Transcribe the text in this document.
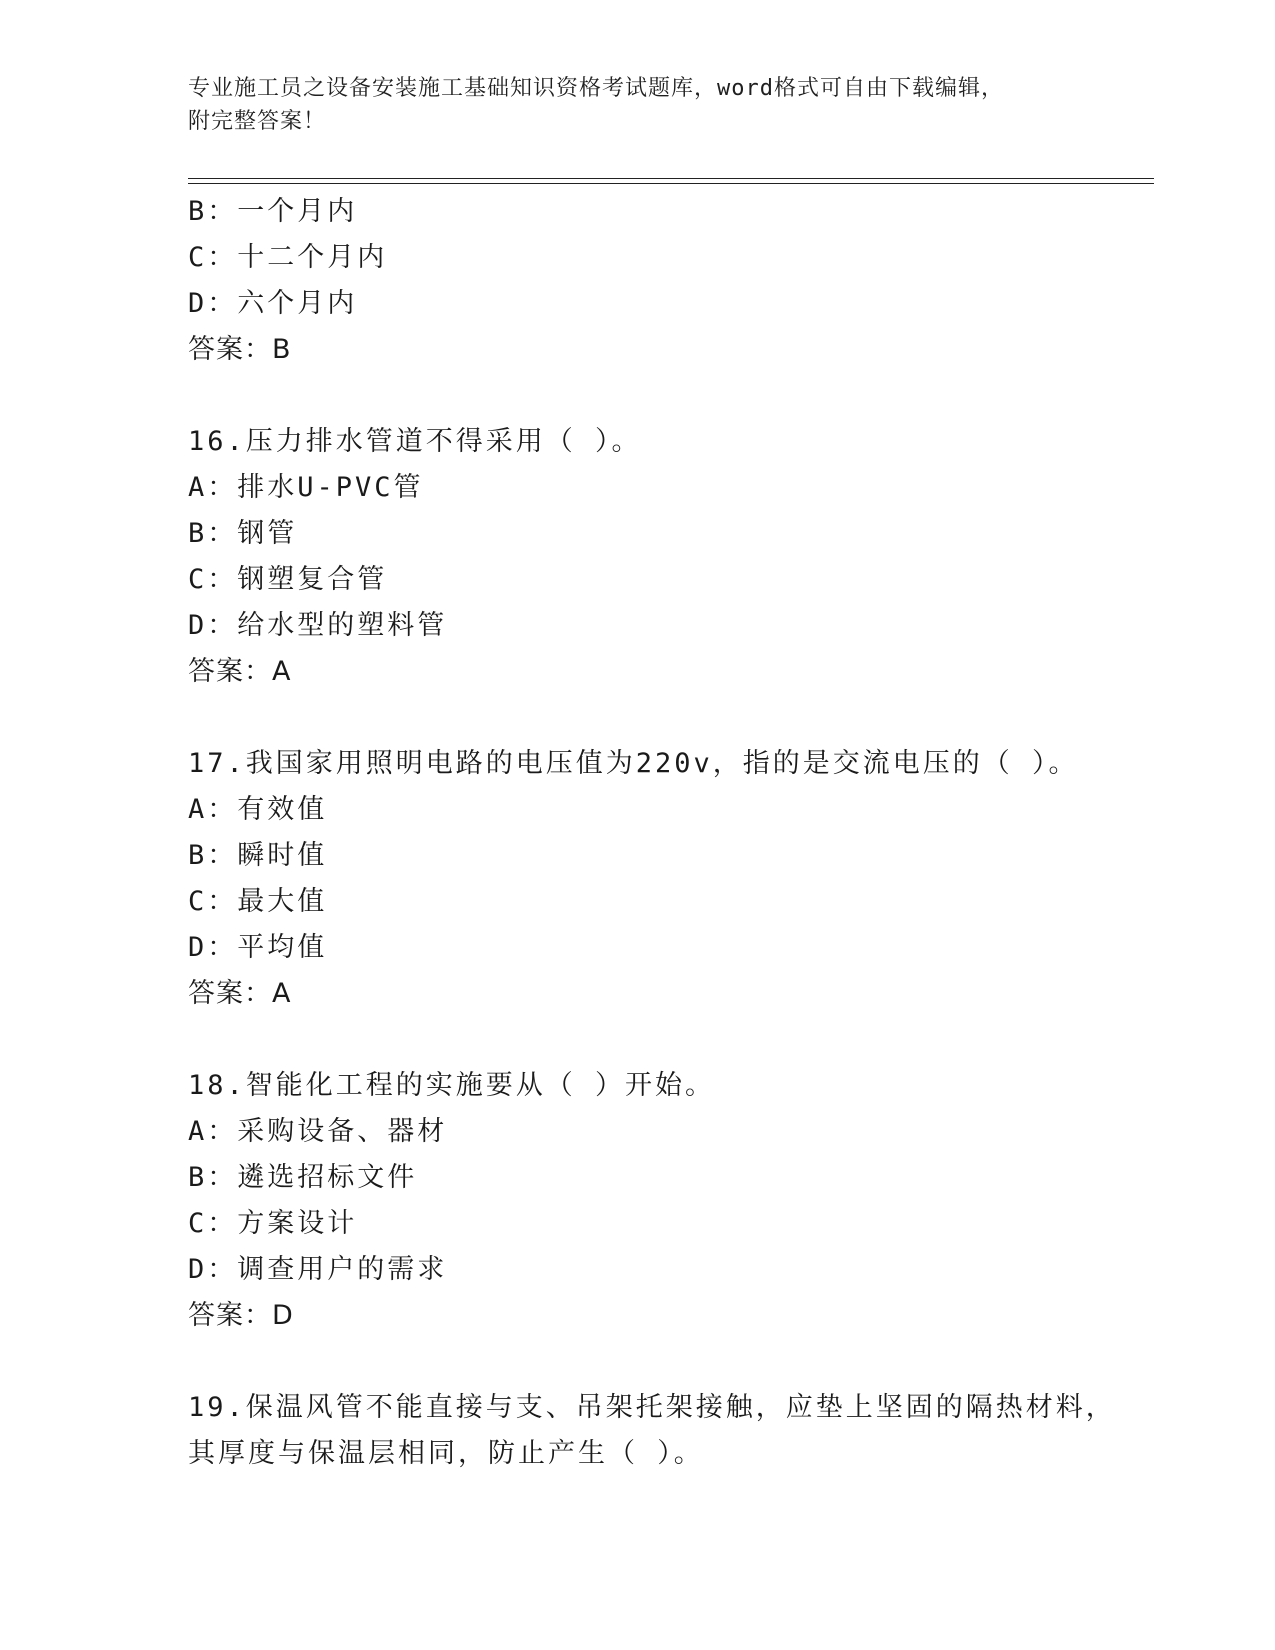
专业施工员之设备安装施工基础知识资格考试题库，word格式可自由下载编辑，
附完整答案！
B：一个月内
C：十二个月内
D：六个月内
答案：B
16.压力排水管道不得采用（ ）。
A：排水U-PVC管
B：钢管
C：钢塑复合管
D：给水型的塑料管
答案：A
17.我国家用照明电路的电压值为220v，指的是交流电压的（ ）。
A：有效值
B：瞬时值
C：最大值
D：平均值
答案：A
18.智能化工程的实施要从（ ）开始。
A：采购设备、器材
B：遴选招标文件
C：方案设计
D：调查用户的需求
答案：D
19.保温风管不能直接与支、吊架托架接触，应垫上坚固的隔热材料，
其厚度与保温层相同，防止产生（ ）。
